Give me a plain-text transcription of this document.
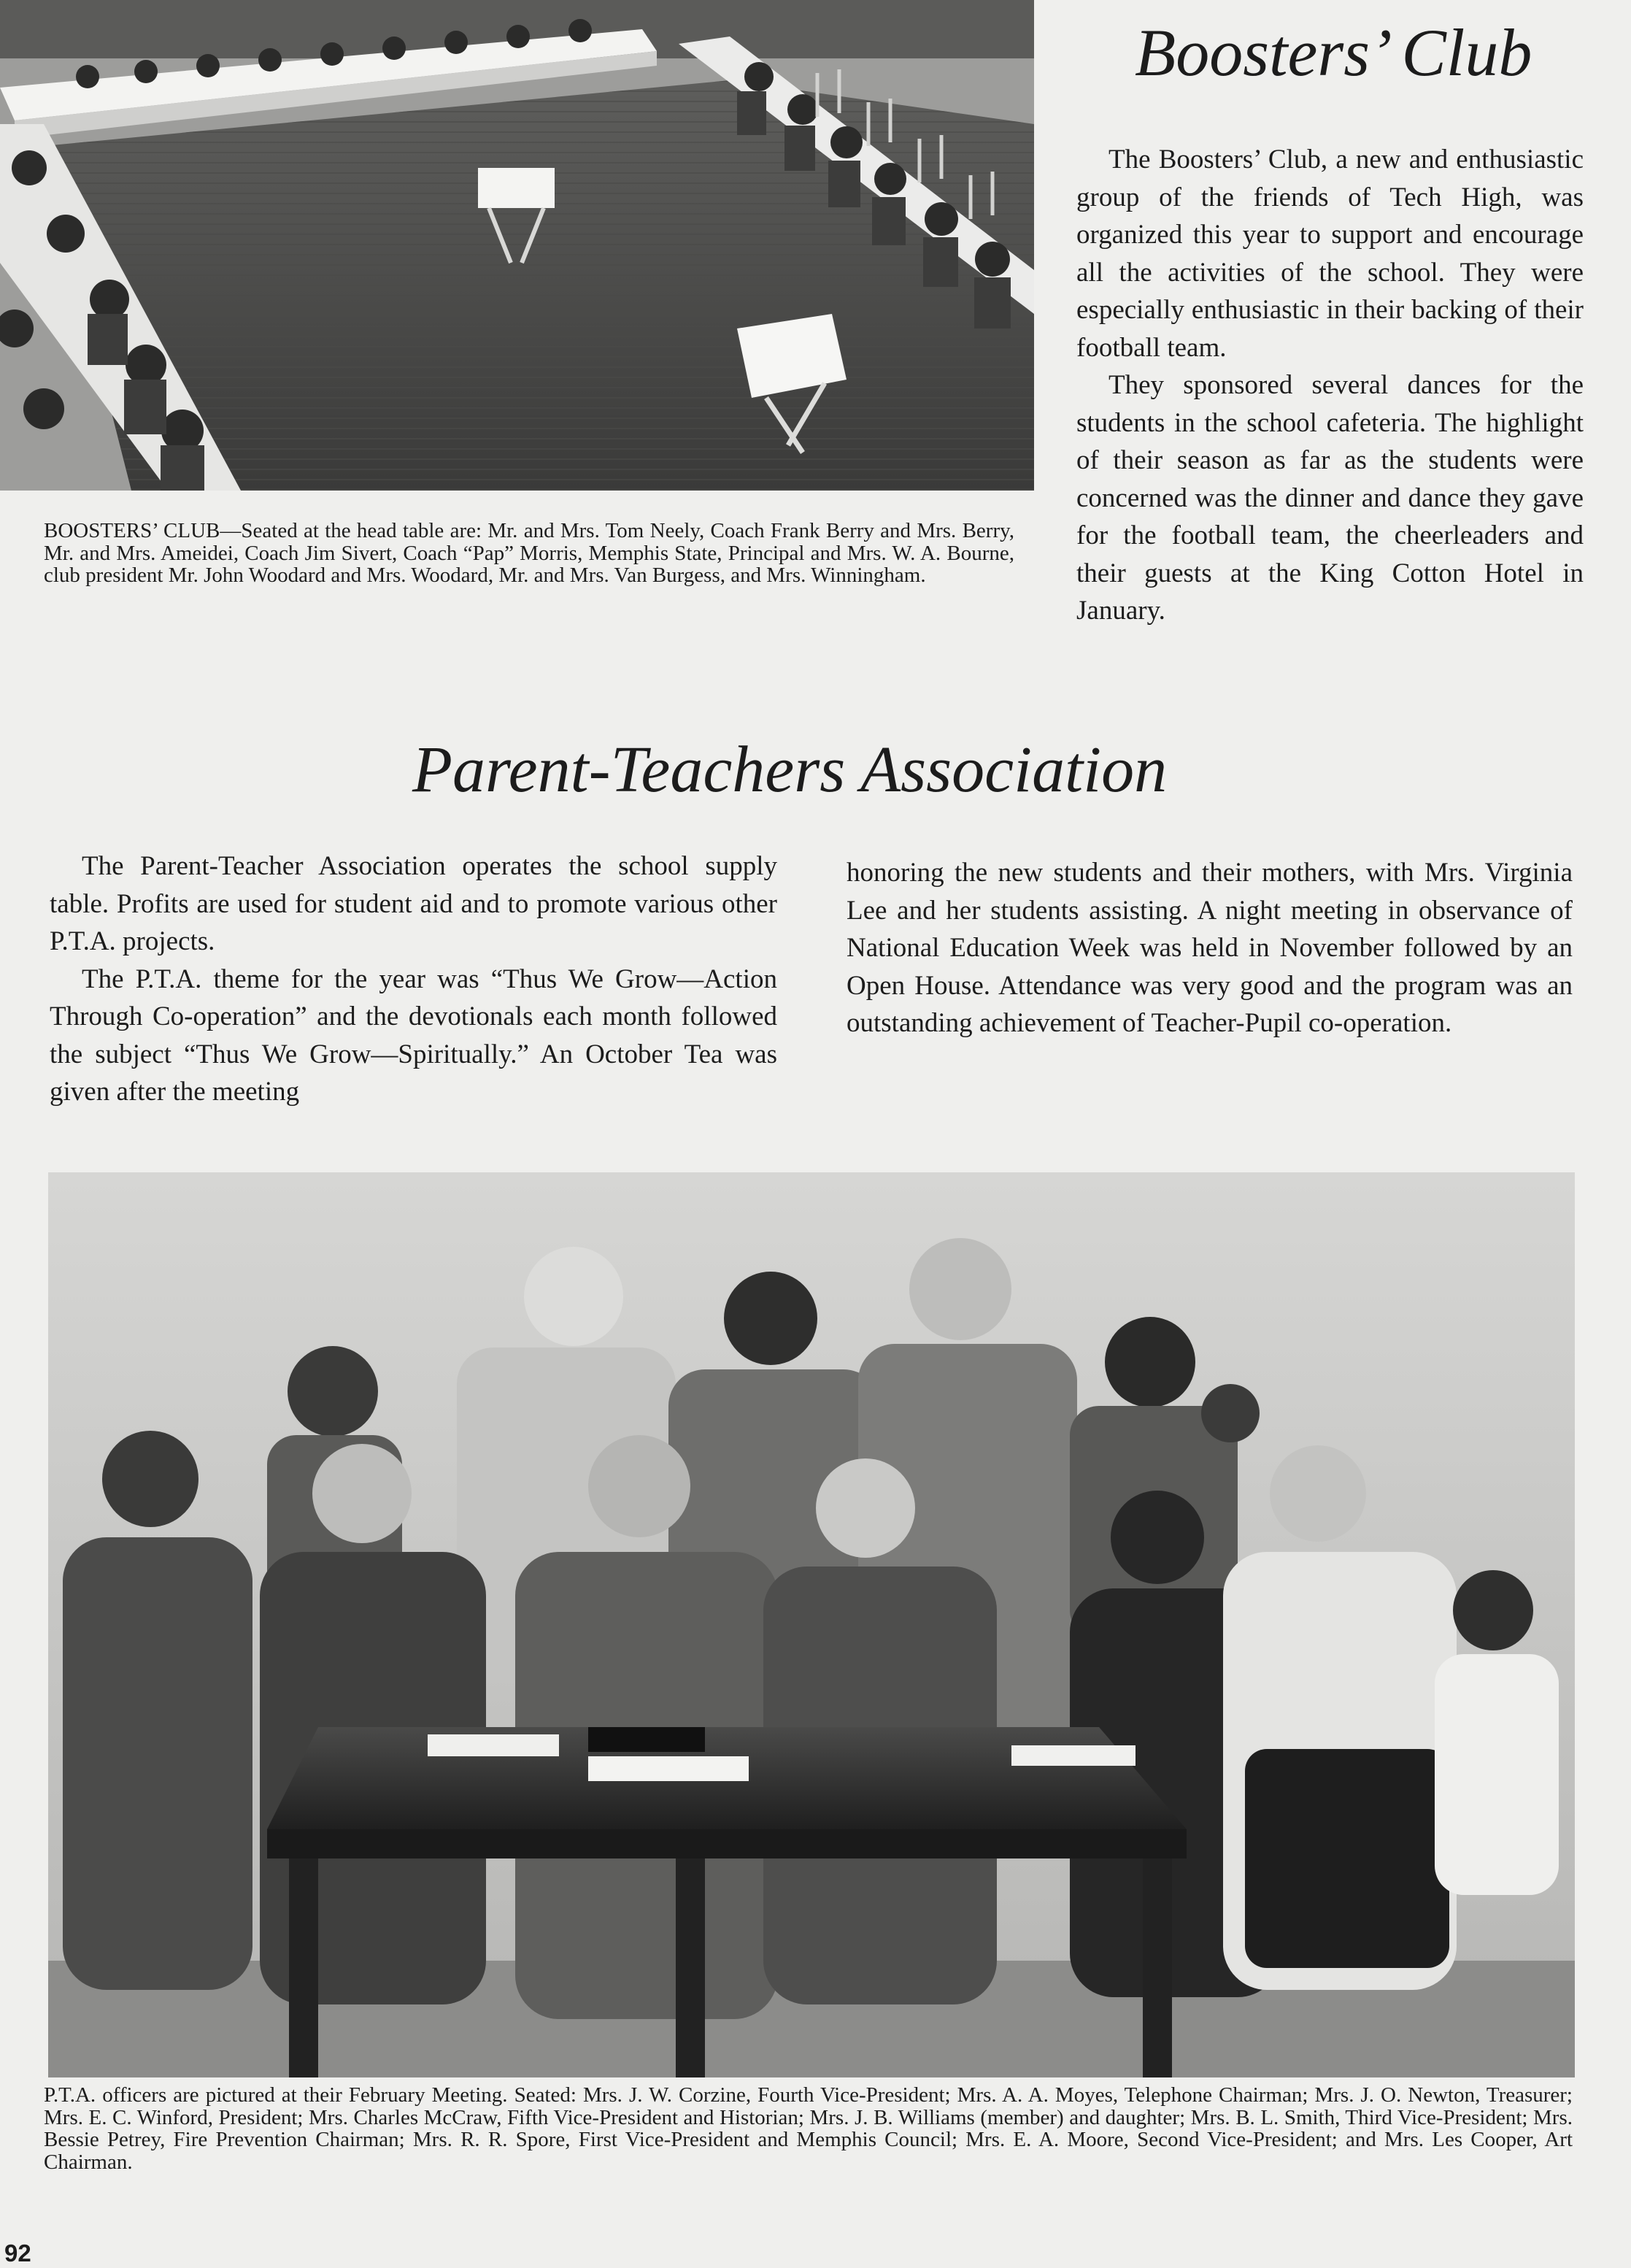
Boosters’ Club

The Boosters’ Club, a new and enthusiastic group of the friends of Tech High, was organized this year to support and encourage all the activities of the school. They were especially enthusiastic in their backing of their football team.

They sponsored several dances for the students in the school cafeteria. The highlight of their season as far as the students were concerned was the dinner and dance they gave for the football team, the cheerleaders and their guests at the King Cotton Hotel in January.

BOOSTERS’ CLUB—Seated at the head table are: Mr. and Mrs. Tom Neely, Coach Frank Berry and Mrs. Berry, Mr. and Mrs. Ameidei, Coach Jim Sivert, Coach “Pap” Morris, Memphis State, Principal and Mrs. W. A. Bourne, club president Mr. John Woodard and Mrs. Woodard, Mr. and Mrs. Van Burgess, and Mrs. Winningham.

Parent-Teachers Association

The Parent-Teacher Association operates the school supply table. Profits are used for student aid and to promote various other P.T.A. projects.

The P.T.A. theme for the year was “Thus We Grow—Action Through Co-operation” and the devotionals each month followed the subject “Thus We Grow—Spiritually.” An October Tea was given after the meeting

honoring the new students and their mothers, with Mrs. Virginia Lee and her students assisting. A night meeting in observance of National Education Week was held in November followed by an Open House. Attendance was very good and the program was an outstanding achievement of Teacher-Pupil co-operation.

P.T.A. officers are pictured at their February Meeting. Seated: Mrs. J. W. Corzine, Fourth Vice-President; Mrs. A. A. Moyes, Telephone Chairman; Mrs. J. O. Newton, Treasurer; Mrs. E. C. Winford, President; Mrs. Charles McCraw, Fifth Vice-President and Historian; Mrs. J. B. Williams (member) and daughter; Mrs. B. L. Smith, Third Vice-President; Mrs. Bessie Petrey, Fire Prevention Chairman; Mrs. R. R. Spore, First Vice-President and Memphis Council; Mrs. E. A. Moore, Second Vice-President; and Mrs. Les Cooper, Art Chairman.

92
